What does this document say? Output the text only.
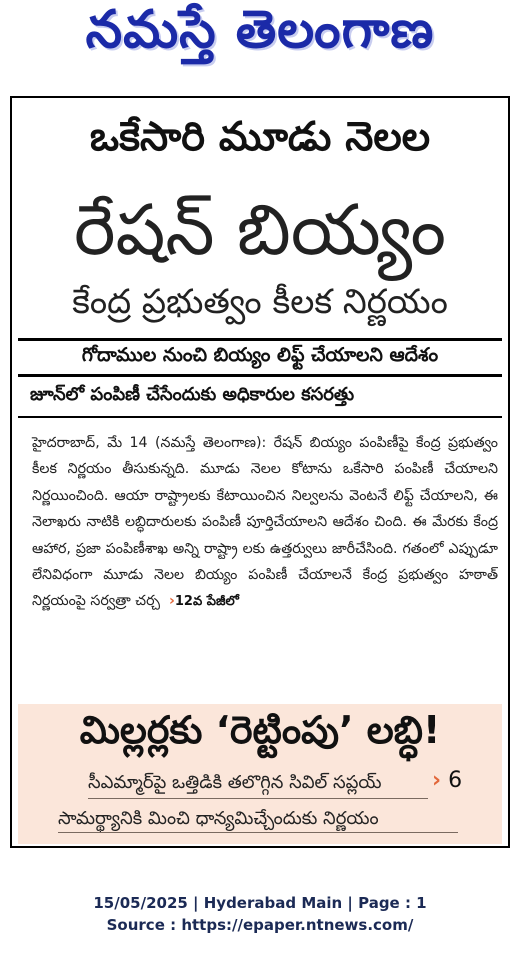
నమస్తే తెలంగాణ
ఒకేసారి మూడు నెలల
రేషన్ బియ్యం
కేంద్ర ప్రభుత్వం కీలక నిర్ణయం
గోదాముల నుంచి బియ్యం లిఫ్ట్ చేయాలని ఆదేశం
జూన్‌లో పంపిణీ చేసేందుకు అధికారుల కసరత్తు
హైదరాబాద్, మే 14 (నమస్తే తెలంగాణ): రేషన్ బియ్యం పంపిణీపై కేంద్ర ప్రభుత్వం కీలక నిర్ణయం తీసుకున్నది. మూడు నెలల కోటాను ఒకేసారి పంపిణీ చేయాలని నిర్ణయించింది. ఆయా రాష్ట్రాలకు కేటాయించిన నిల్వలను వెంటనే లిఫ్ట్ చేయాలని, ఈ నెలాఖరు నాటికి లబ్ధిదారులకు పంపిణీ పూర్తిచేయాలని ఆదేశం చింది. ఈ మేరకు కేంద్ర ఆహార, ప్రజా పంపిణీశాఖ అన్ని రాష్ట్రా లకు ఉత్తర్వులు జారీచేసింది. గతంలో ఎప్పుడూ లేనివిధంగా మూడు నెలల బియ్యం పంపిణీ చేయాలనే కేంద్ర ప్రభుత్వం హఠాత్ నిర్ణయంపై సర్వత్రా చర్చ ›12వ పేజీలో
మిల్లర్లకు ‘రెట్టింపు’ లబ్ధి!
సీఎమ్మార్‌పై ఒత్తిడికి తలొగ్గిన సివిల్ సప్లయ్	› 6
సామర్థ్యానికి మించి ధాన్యమిచ్చేందుకు నిర్ణయం
15/05/2025 | Hyderabad Main | Page : 1
Source : https://epaper.ntnews.com/
